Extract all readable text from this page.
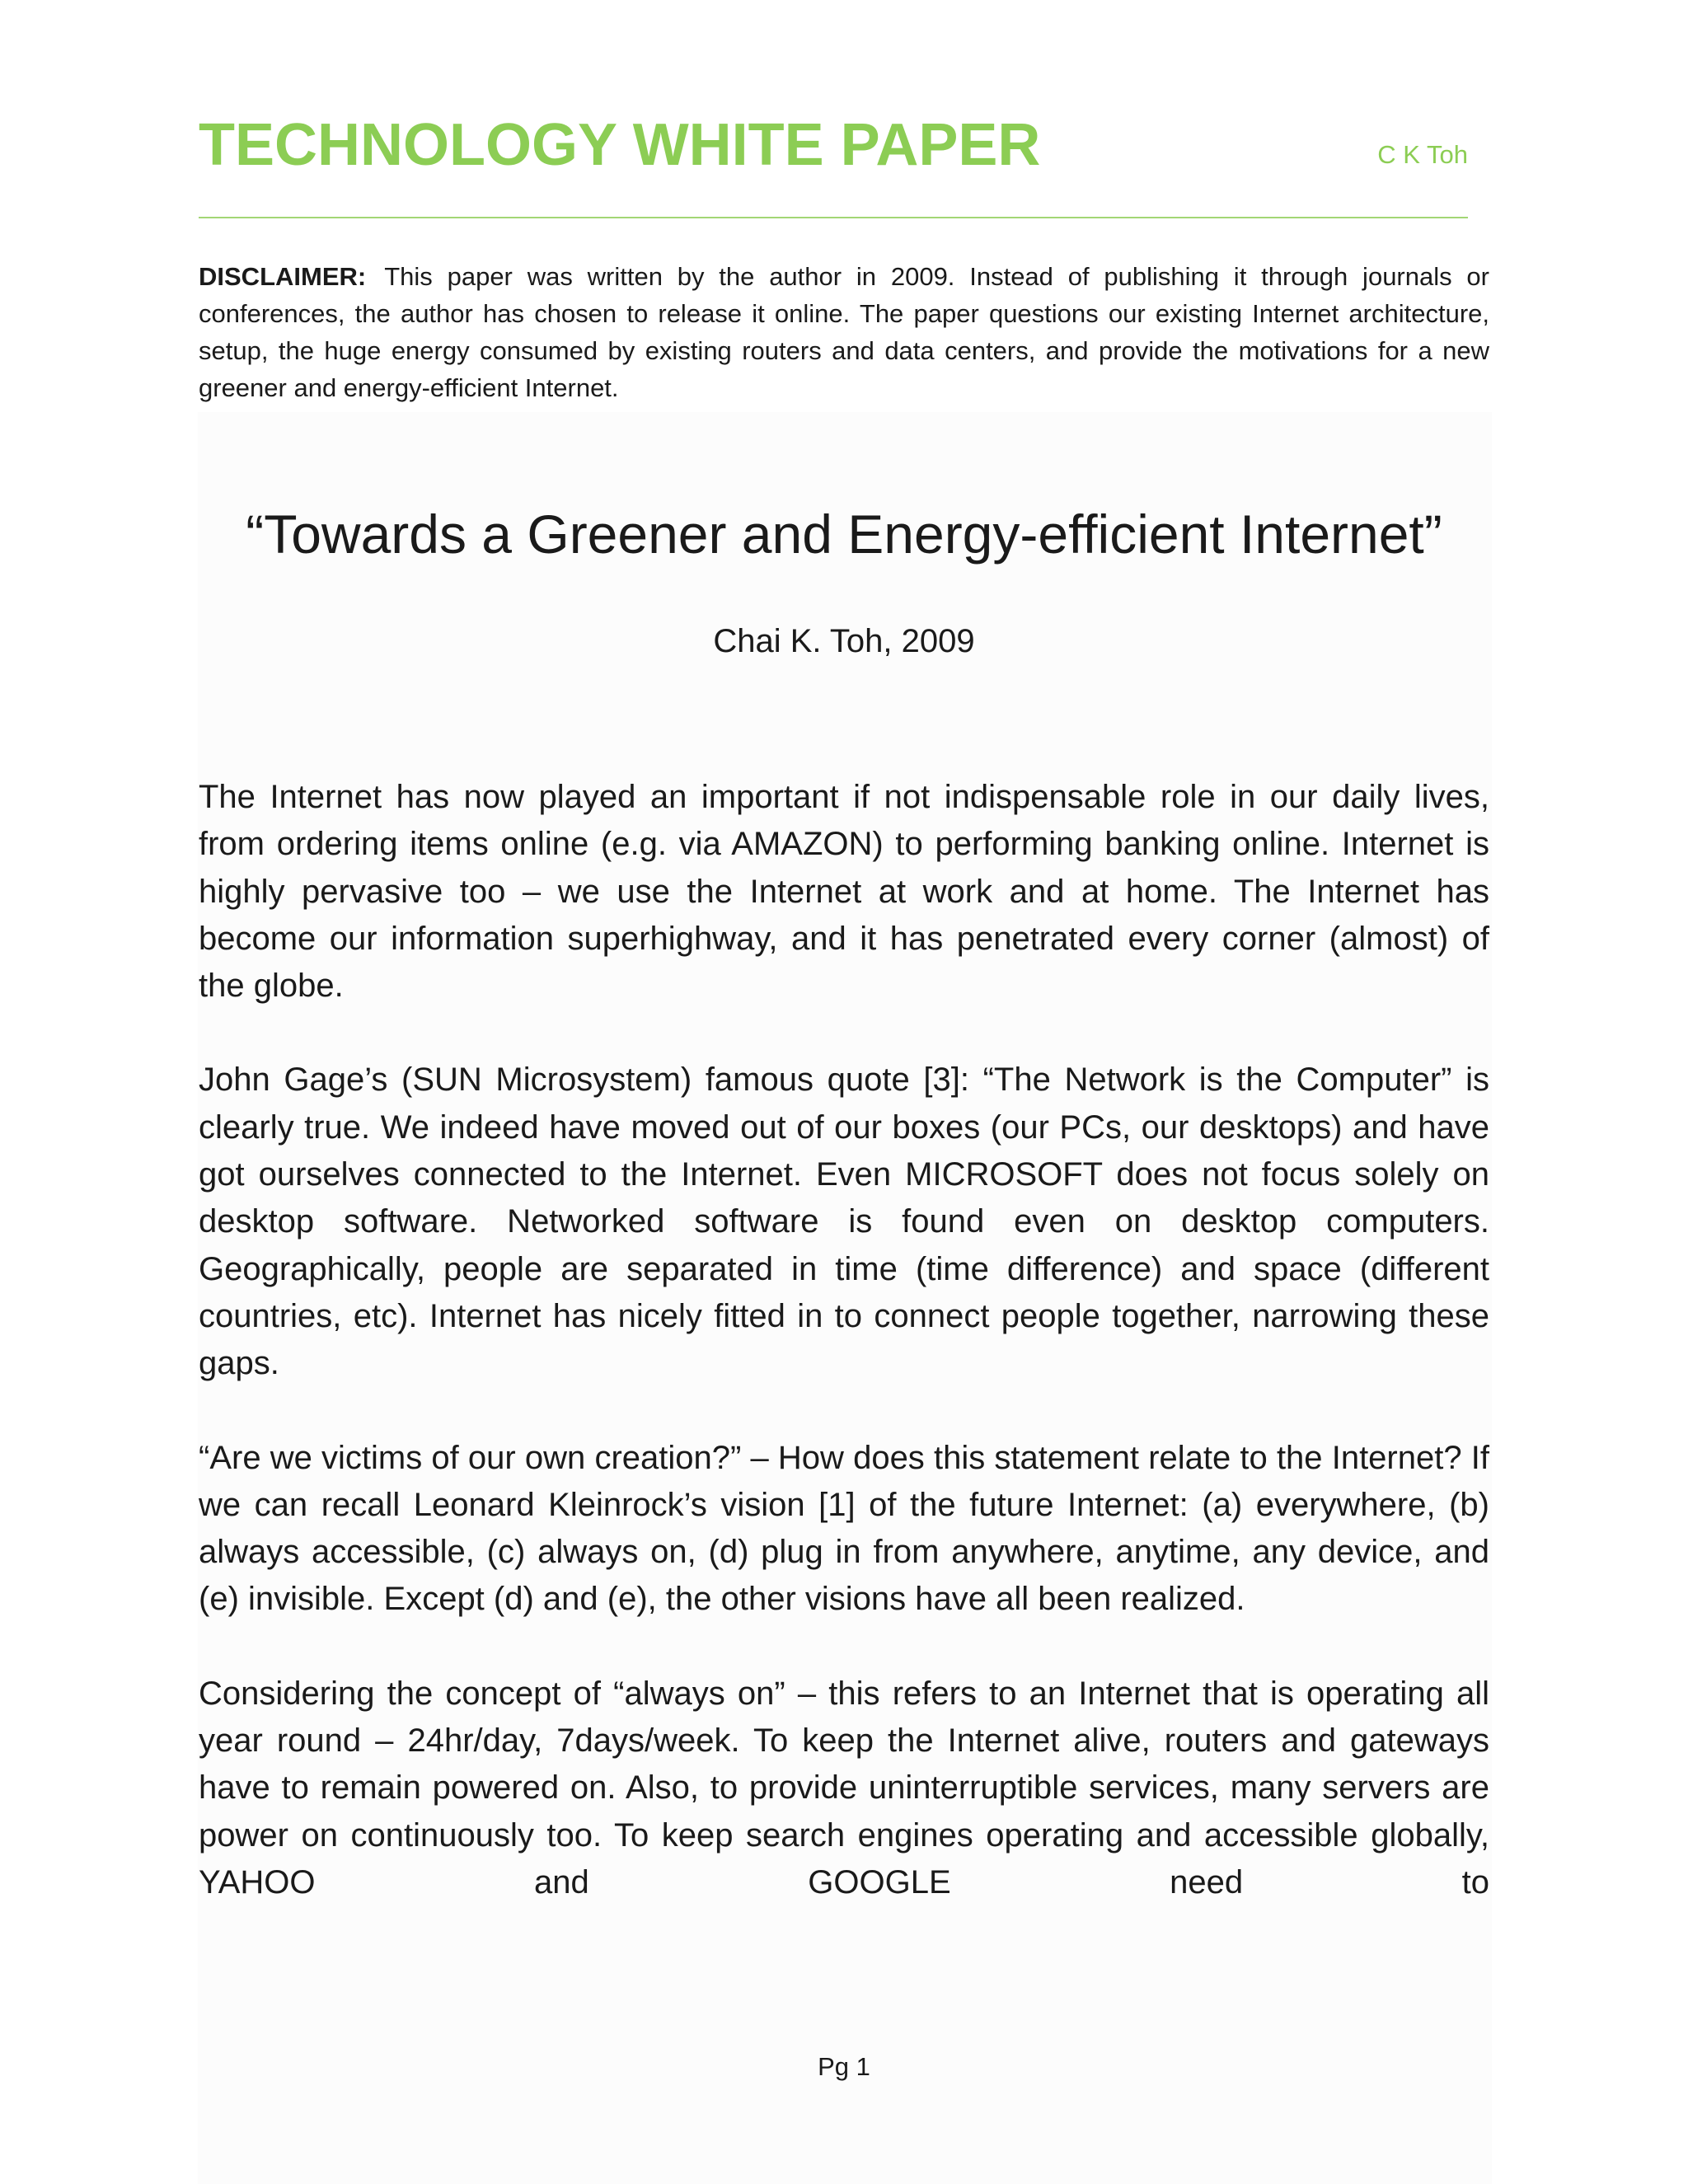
TECHNOLOGY WHITE PAPER	C K Toh
DISCLAIMER: This paper was written by the author in 2009. Instead of publishing it through journals or conferences, the author has chosen to release it online. The paper questions our existing Internet architecture, setup, the huge energy consumed by existing routers and data centers, and provide the motivations for a new greener and energy-efficient Internet.
“Towards a Greener and Energy-efficient Internet”
Chai K. Toh, 2009

The Internet has now played an important if not indispensable role in our daily lives, from ordering items online (e.g. via AMAZON) to performing banking online. Internet is highly pervasive too – we use the Internet at work and at home. The Internet has become our information superhighway, and it has penetrated every corner (almost) of the globe.

John Gage’s (SUN Microsystem) famous quote [3]: “The Network is the Computer” is clearly true. We indeed have moved out of our boxes (our PCs, our desktops) and have got ourselves connected to the Internet. Even MICROSOFT does not focus solely on desktop software. Networked software is found even on desktop computers. Geographically, people are separated in time (time difference) and space (different countries, etc). Internet has nicely fitted in to connect people together, narrowing these gaps.

“Are we victims of our own creation?” – How does this statement relate to the Internet? If we can recall Leonard Kleinrock’s vision [1] of the future Internet: (a) everywhere, (b) always accessible, (c) always on, (d) plug in from anywhere, anytime, any device, and (e) invisible. Except (d) and (e), the other visions have all been realized.

Considering the concept of “always on” – this refers to an Internet that is operating all year round – 24hr/day, 7days/week. To keep the Internet alive, routers and gateways have to remain powered on. Also, to provide uninterruptible services, many servers are power on continuously too. To keep search engines operating and accessible globally, YAHOO and GOOGLE need to

Pg 1
